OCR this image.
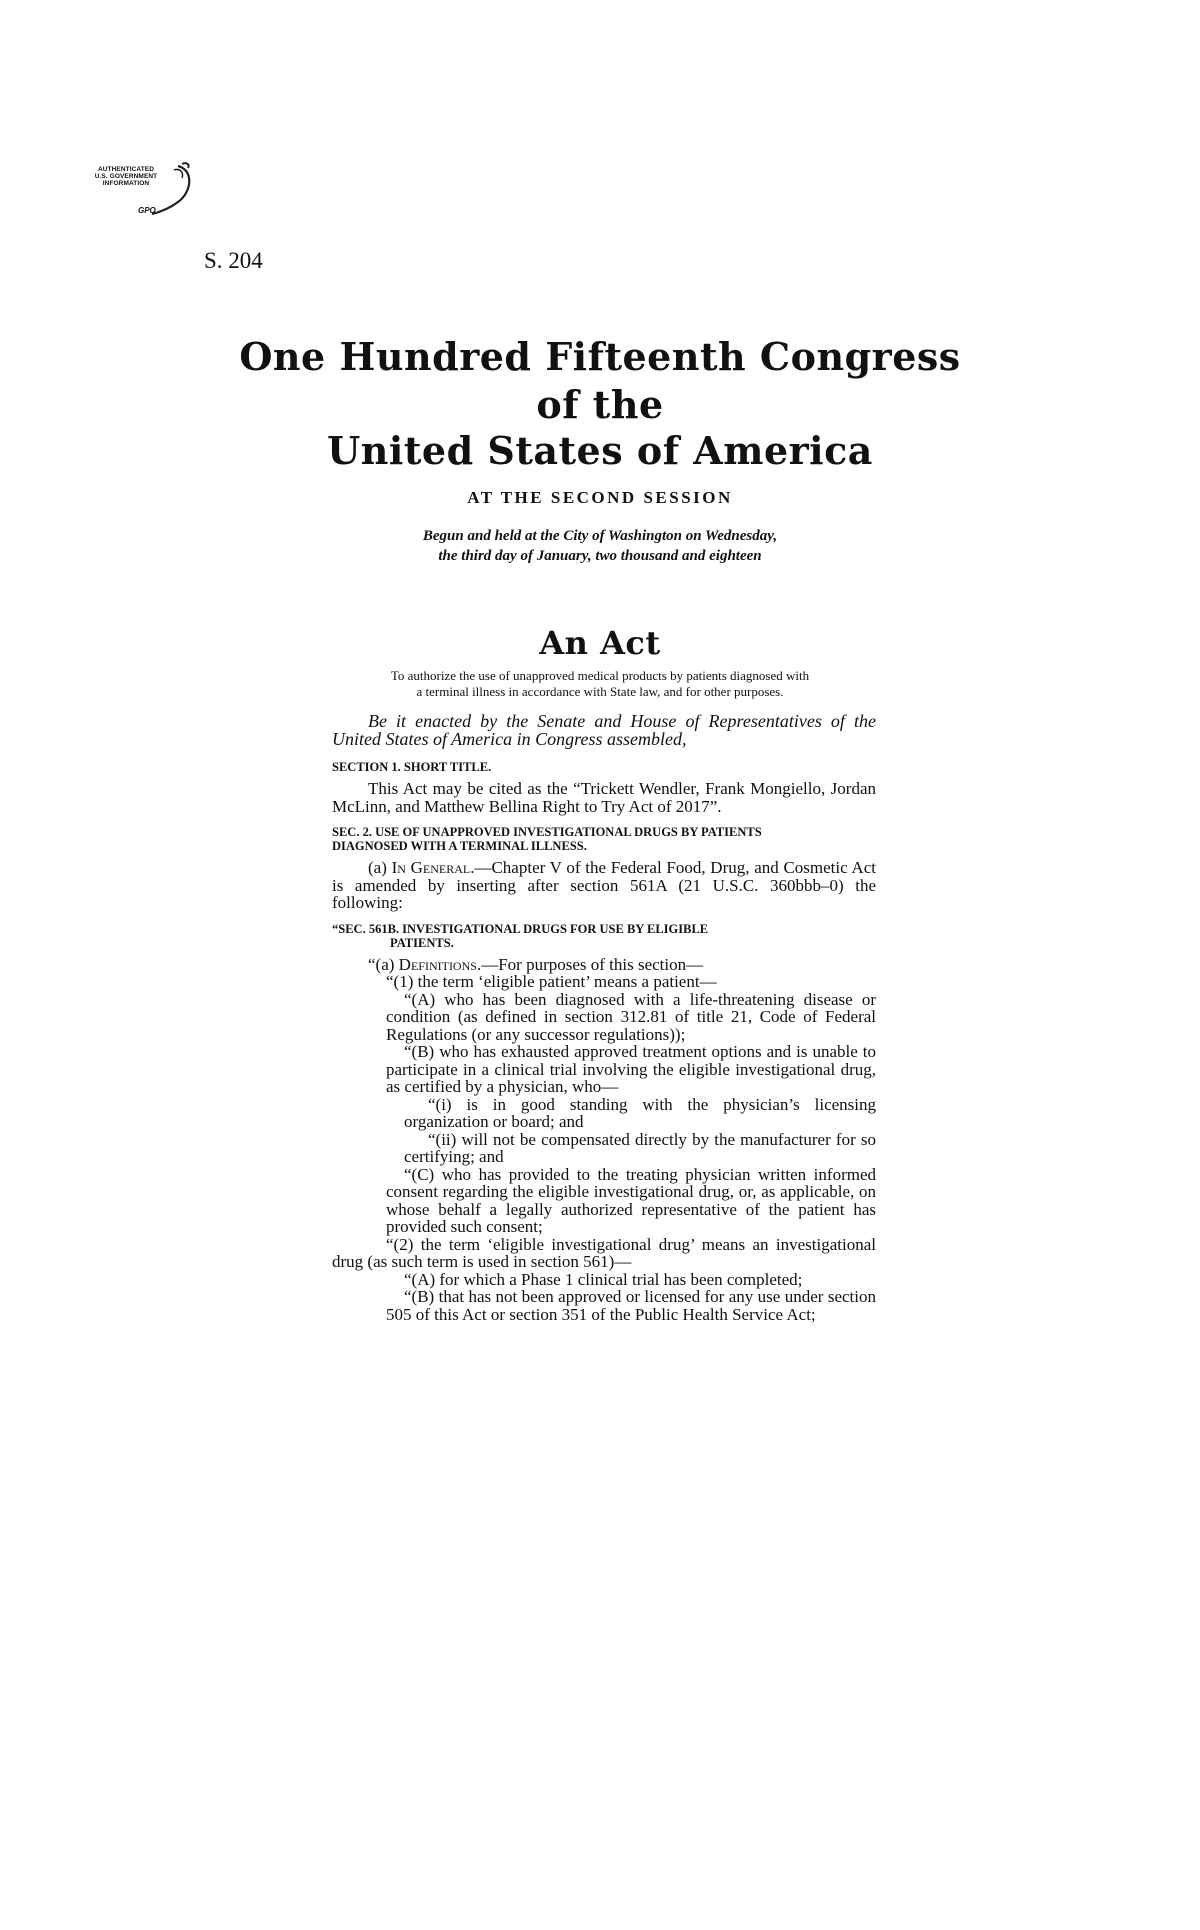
AUTHENTICATED
U.S. GOVERNMENT
INFORMATION
GPO
S. 204
One Hundred Fifteenth Congress
of the
United States of America
AT THE SECOND SESSION
Begun and held at the City of Washington on Wednesday,
the third day of January, two thousand and eighteen
An Act
To authorize the use of unapproved medical products by patients diagnosed with
a terminal illness in accordance with State law, and for other purposes.

Be it enacted by the Senate and House of Representatives of the United States of America in Congress assembled,

SECTION 1. SHORT TITLE.

This Act may be cited as the “Trickett Wendler, Frank Mongiello, Jordan McLinn, and Matthew Bellina Right to Try Act of 2017”.

SEC. 2. USE OF UNAPPROVED INVESTIGATIONAL DRUGS BY PATIENTS
DIAGNOSED WITH A TERMINAL ILLNESS.

(a) In General.—Chapter V of the Federal Food, Drug, and Cosmetic Act is amended by inserting after section 561A (21 U.S.C. 360bbb–0) the following:

“SEC. 561B. INVESTIGATIONAL DRUGS FOR USE BY ELIGIBLE
PATIENTS.

“(a) Definitions.—For purposes of this section—

“(1) the term ‘eligible patient’ means a patient—

“(A) who has been diagnosed with a life-threatening disease or condition (as defined in section 312.81 of title 21, Code of Federal Regulations (or any successor regulations));

“(B) who has exhausted approved treatment options and is unable to participate in a clinical trial involving the eligible investigational drug, as certified by a physician, who—

“(i) is in good standing with the physician’s licensing organization or board; and

“(ii) will not be compensated directly by the manufacturer for so certifying; and

“(C) who has provided to the treating physician written informed consent regarding the eligible investigational drug, or, as applicable, on whose behalf a legally authorized representative of the patient has provided such consent;

“(2) the term ‘eligible investigational drug’ means an investigational drug (as such term is used in section 561)—

“(A) for which a Phase 1 clinical trial has been completed;

“(B) that has not been approved or licensed for any use under section 505 of this Act or section 351 of the Public Health Service Act;
